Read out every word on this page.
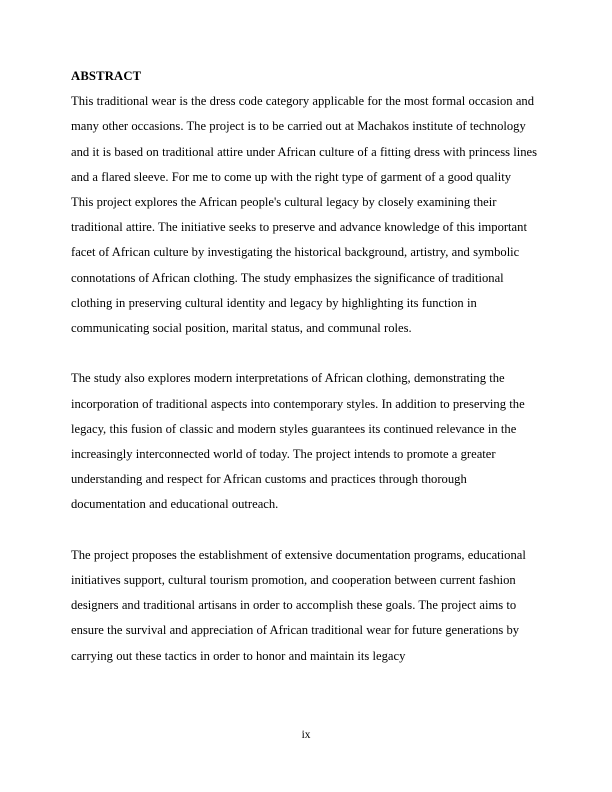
ABSTRACT

This traditional wear is the dress code category applicable for the most formal occasion and many other occasions. The project is to be carried out at Machakos institute of technology and it is based on traditional attire under African culture of a fitting dress with princess lines and a flared sleeve. For me to come up with the right type of garment of a good quality

This project explores the African people's cultural legacy by closely examining their traditional attire. The initiative seeks to preserve and advance knowledge of this important facet of African culture by investigating the historical background, artistry, and symbolic connotations of African clothing. The study emphasizes the significance of traditional clothing in preserving cultural identity and legacy by highlighting its function in communicating social position, marital status, and communal roles.

The study also explores modern interpretations of African clothing, demonstrating the incorporation of traditional aspects into contemporary styles. In addition to preserving the legacy, this fusion of classic and modern styles guarantees its continued relevance in the increasingly interconnected world of today. The project intends to promote a greater understanding and respect for African customs and practices through thorough documentation and educational outreach.

The project proposes the establishment of extensive documentation programs, educational initiatives support, cultural tourism promotion, and cooperation between current fashion designers and traditional artisans in order to accomplish these goals. The project aims to ensure the survival and appreciation of African traditional wear for future generations by carrying out these tactics in order to honor and maintain its legacy

ix
